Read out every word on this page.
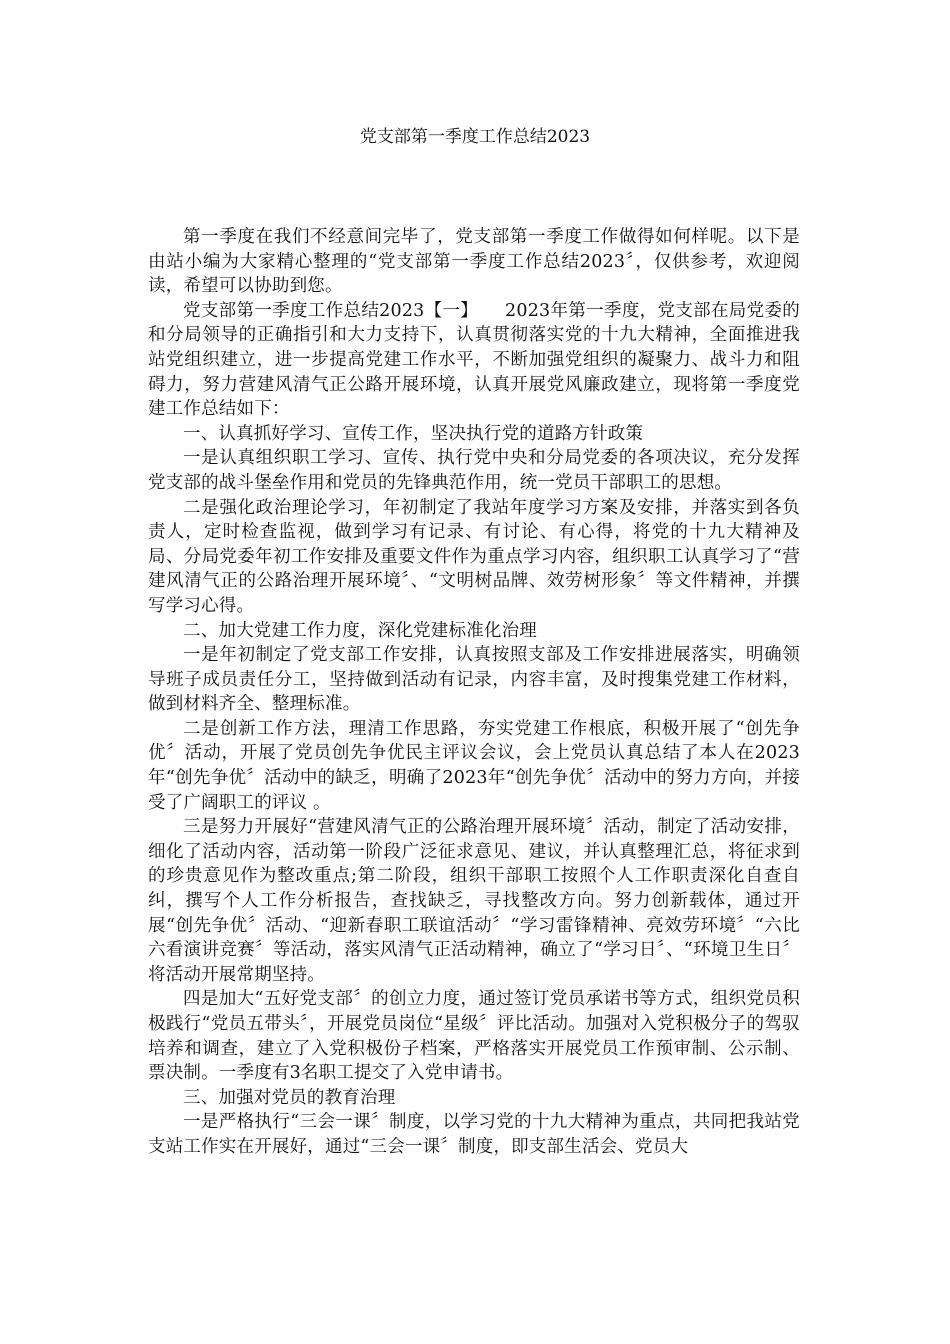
党支部第一季度工作总结2023

第一季度在我们不经意间完毕了，党支部第一季度工作做得如何样呢。以下是由站小编为大家精心整理的“党支部第一季度工作总结2023〞，仅供参考，欢迎阅读，希望可以协助到您。

党支部第一季度工作总结2023【一】　　2023年第一季度，党支部在局党委的和分局领导的正确指引和大力支持下，认真贯彻落实党的十九大精神，全面推进我站党组织建立，进一步提高党建工作水平，不断加强党组织的凝聚力、战斗力和阻碍力，努力营建风清气正公路开展环境，认真开展党风廉政建立，现将第一季度党建工作总结如下：

一、认真抓好学习、宣传工作，坚决执行党的道路方针政策

一是认真组织职工学习、宣传、执行党中央和分局党委的各项决议，充分发挥党支部的战斗堡垒作用和党员的先锋典范作用，统一党员干部职工的思想。

二是强化政治理论学习，年初制定了我站年度学习方案及安排，并落实到各负责人，定时检查监视，做到学习有记录、有讨论、有心得，将党的十九大精神及局、分局党委年初工作安排及重要文件作为重点学习内容，组织职工认真学习了“营建风清气正的公路治理开展环境〞、“文明树品牌、效劳树形象〞等文件精神，并撰写学习心得。

二、加大党建工作力度，深化党建标准化治理

一是年初制定了党支部工作安排，认真按照支部及工作安排进展落实，明确领导班子成员责任分工，坚持做到活动有记录，内容丰富，及时搜集党建工作材料，做到材料齐全、整理标准。

二是创新工作方法，理清工作思路，夯实党建工作根底，积极开展了“创先争优〞活动，开展了党员创先争优民主评议会议，会上党员认真总结了本人在2023年“创先争优〞活动中的缺乏，明确了2023年“创先争优〞活动中的努力方向，并接受了广阔职工的评议 。

三是努力开展好“营建风清气正的公路治理开展环境〞活动，制定了活动安排，细化了活动内容，活动第一阶段广泛征求意见、建议，并认真整理汇总，将征求到的珍贵意见作为整改重点;第二阶段，组织干部职工按照个人工作职责深化自查自纠，撰写个人工作分析报告，查找缺乏，寻找整改方向。努力创新载体，通过开展“创先争优〞活动、“迎新春职工联谊活动〞“学习雷锋精神、亮效劳环境〞“六比六看演讲竞赛〞等活动，落实风清气正活动精神，确立了“学习日〞、“环境卫生日〞将活动开展常期坚持。

四是加大“五好党支部〞的创立力度，通过签订党员承诺书等方式，组织党员积极践行“党员五带头〞，开展党员岗位“星级〞评比活动。加强对入党积极分子的驾驭培养和调查，建立了入党积极份子档案，严格落实开展党员工作预审制、公示制、票决制。一季度有3名职工提交了入党申请书。

三、加强对党员的教育治理

一是严格执行“三会一课〞制度，以学习党的十九大精神为重点，共同把我站党支站工作实在开展好，通过“三会一课〞制度，即支部生活会、党员大
